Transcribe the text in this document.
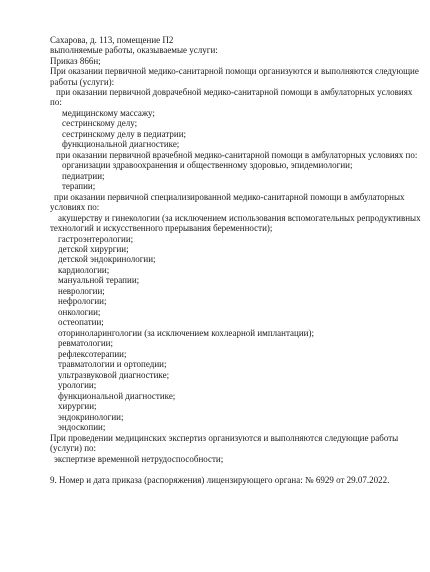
Сахарова, д. 113, помещение П2
выполняемые работы, оказываемые услуги:
Приказ 866н;
При оказании первичной медико-санитарной помощи организуются и выполняются следующие
работы (услуги):
при оказании первичной доврачебной медико-санитарной помощи в амбулаторных условиях
по:
медицинскому массажу;
сестринскому делу;
сестринскому делу в педиатрии;
функциональной диагностике;
при оказании первичной врачебной медико-санитарной помощи в амбулаторных условиях по:
организации здравоохранения и общественному здоровью, эпидемиологии;
педиатрии;
терапии;
при оказании первичной специализированной медико-санитарной помощи в амбулаторных
условиях по:
акушерству и гинекологии (за исключением использования вспомогательных репродуктивных
технологий и искусственного прерывания беременности);
гастроэнтерологии;
детской хирургии;
детской эндокринологии;
кардиологии;
мануальной терапии;
неврологии;
нефрологии;
онкологии;
остеопатии;
оториноларингологии (за исключением кохлеарной имплантации);
ревматологии;
рефлексотерапии;
травматологии и ортопедии;
ультразвуковой диагностике;
урологии;
функциональной диагностике;
хирургии;
эндокринологии;
эндоскопии;
При проведении медицинских экспертиз организуются и выполняются следующие работы
(услуги) по:
экспертизе временной нетрудоспособности;
9. Номер и дата приказа (распоряжения) лицензирующего органа: № 6929 от 29.07.2022.
